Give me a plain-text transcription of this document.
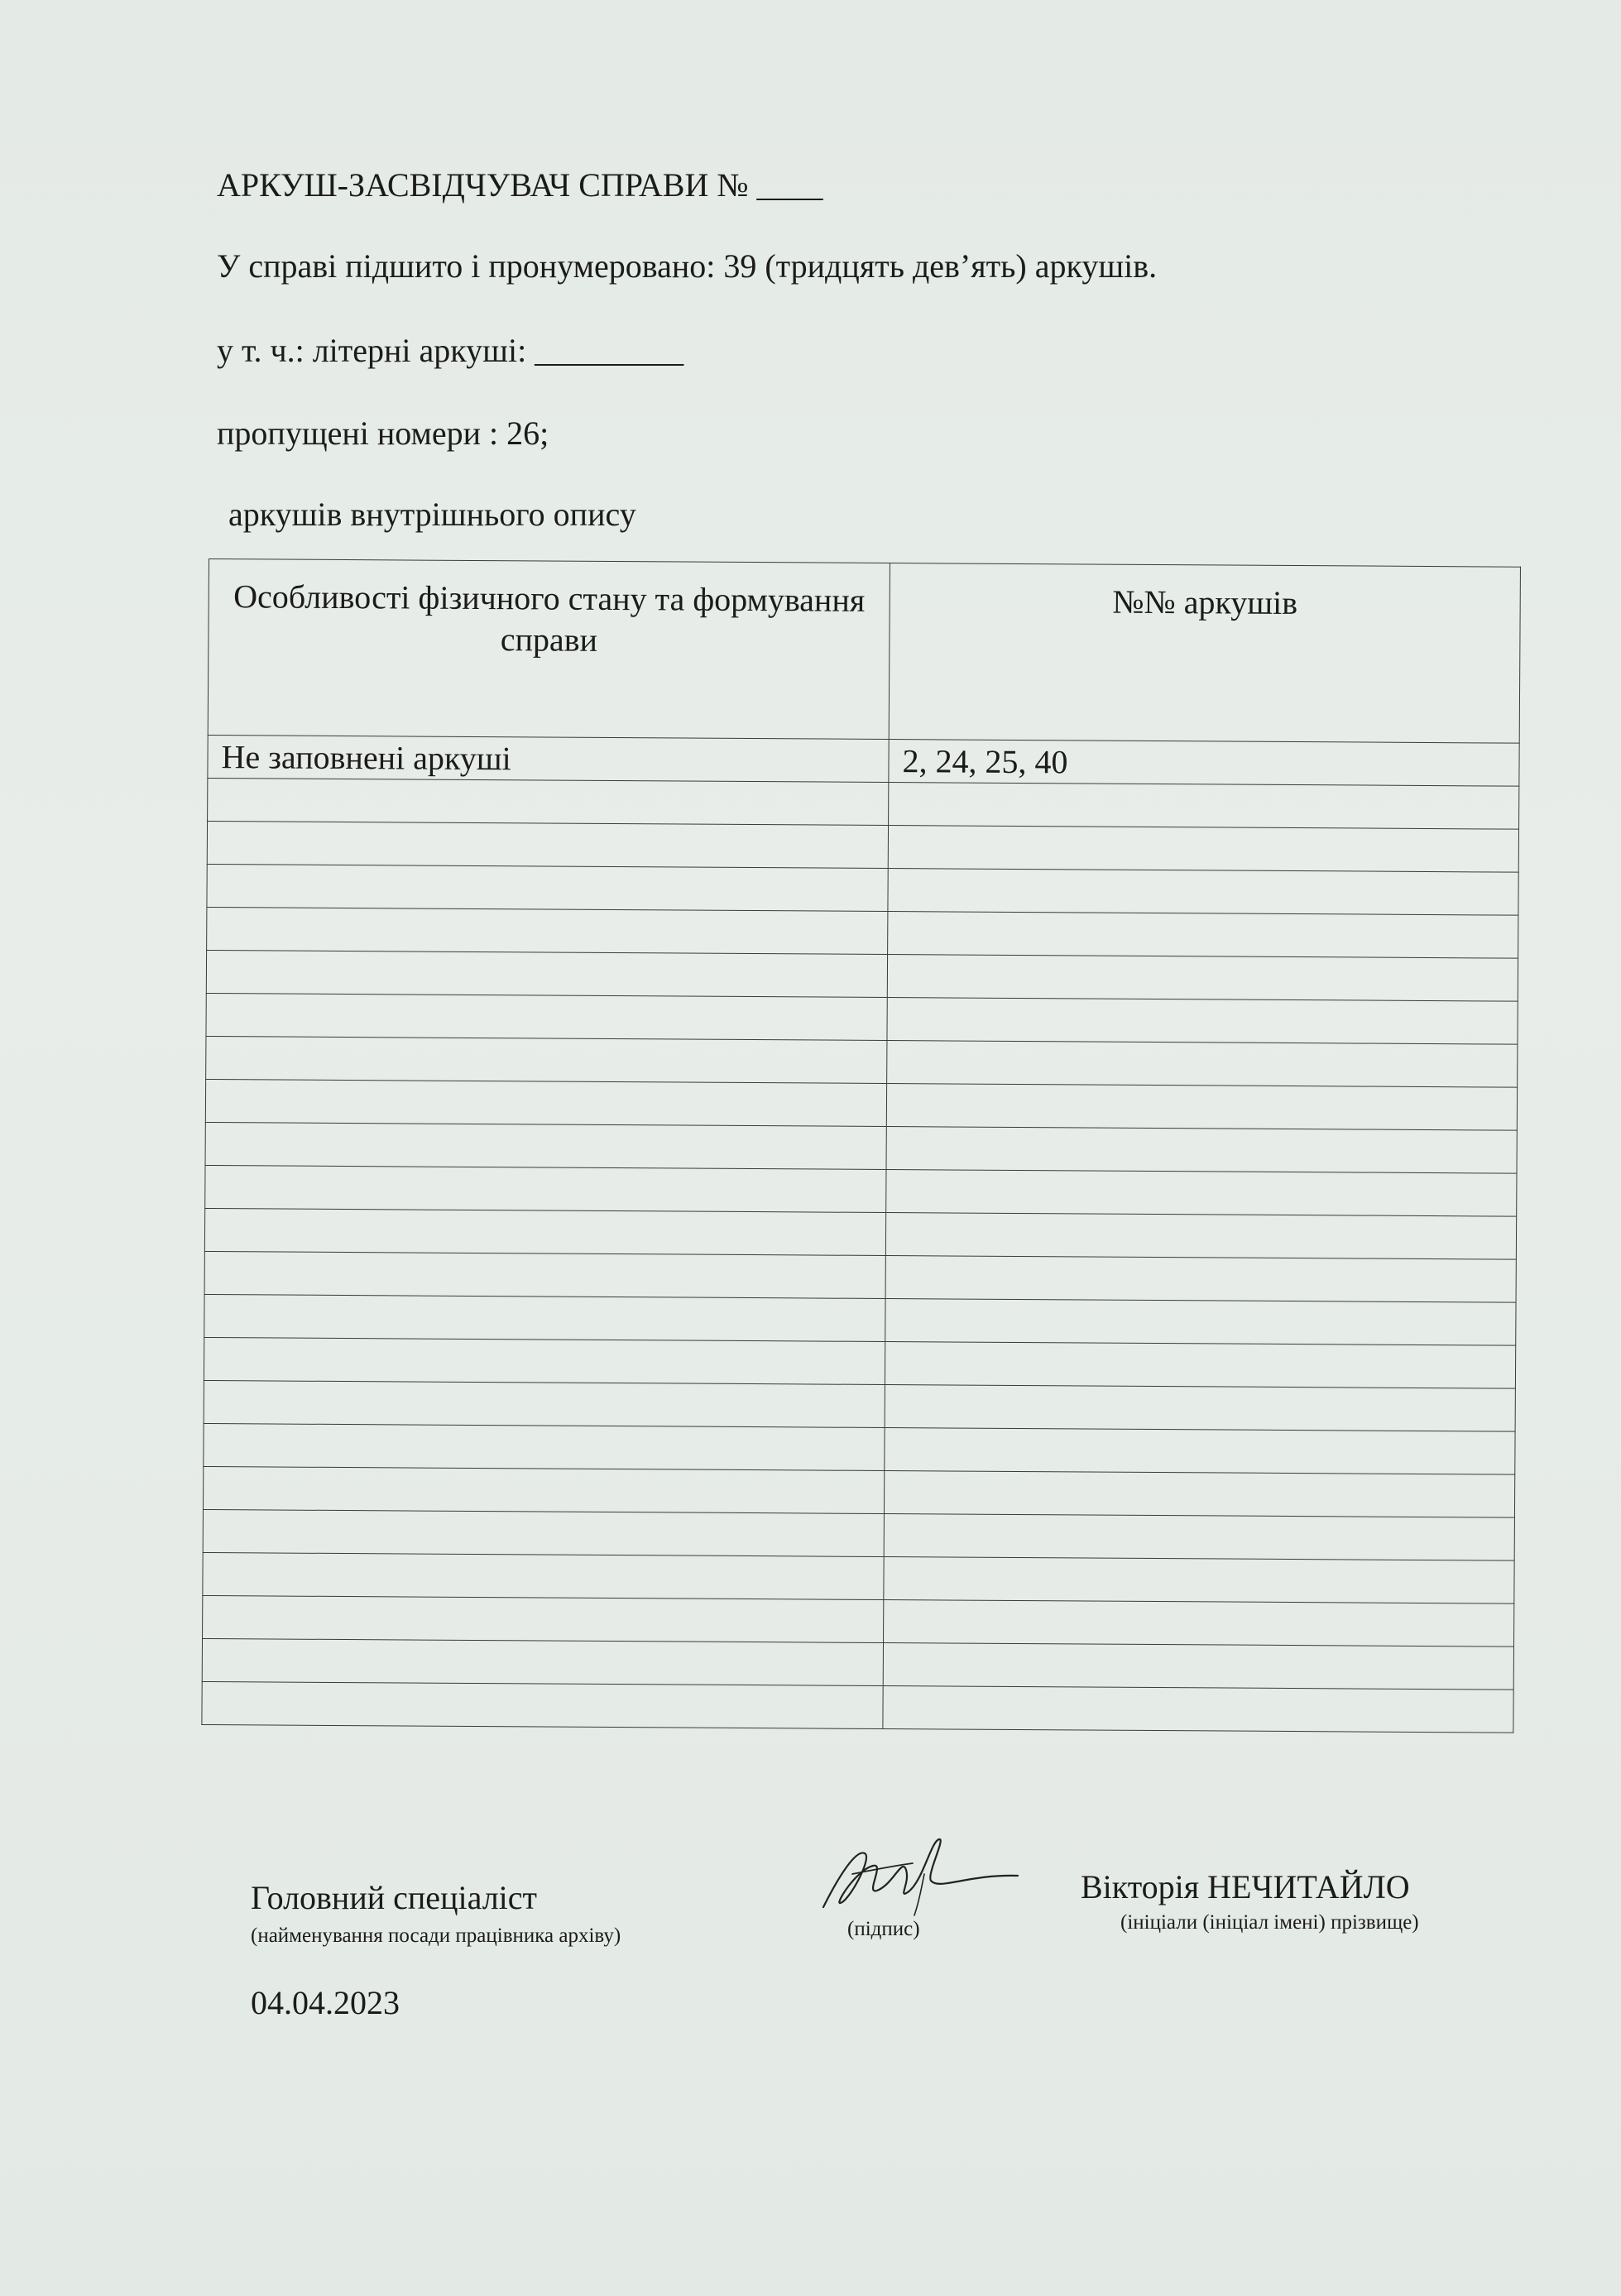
АРКУШ-ЗАСВІДЧУВАЧ СПРАВИ № ____
У справі підшито і пронумеровано: 39 (тридцять дев’ять) аркушів.
у т. ч.: літерні аркуші: _________
пропущені номери : 26;
аркушів внутрішнього опису
Особливості фізичного стану та формування справи	№№ аркушів

Не заповнені аркуші	2, 24, 25, 40

Головний спеціаліст
(найменування посади працівника архіву)	(підпис)
Вікторія НЕЧИТАЙЛО
(ініціали (ініціал імені) прізвище)
04.04.2023
